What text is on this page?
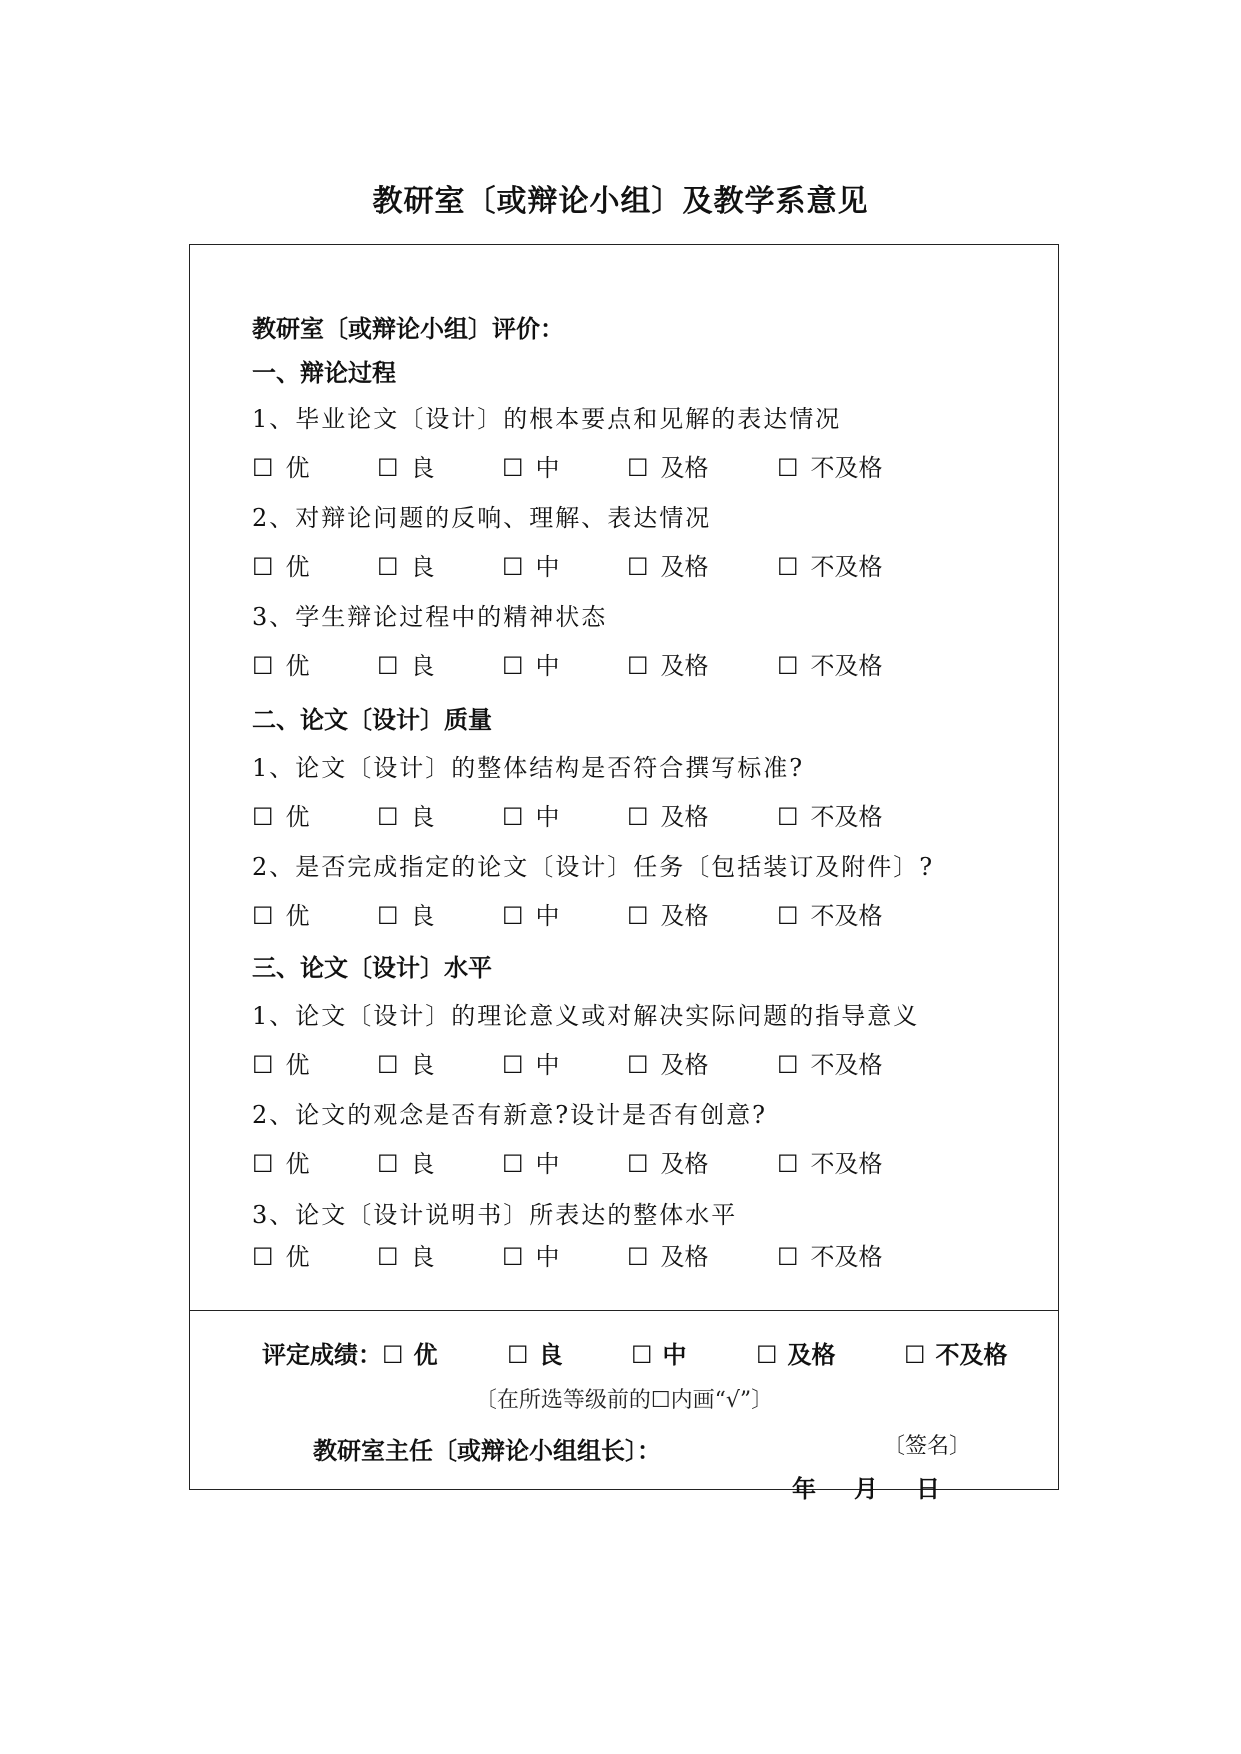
教研室〔或辩论小组〕及教学系意见
教研室〔或辩论小组〕评价：
一、辩论过程
1、毕业论文〔设计〕的根本要点和见解的表达情况
☐ 优	☐ 良	☐ 中	☐ 及格	☐ 不及格
2、对辩论问题的反响、理解、表达情况
☐ 优	☐ 良	☐ 中	☐ 及格	☐ 不及格
3、学生辩论过程中的精神状态
☐ 优	☐ 良	☐ 中	☐ 及格	☐ 不及格
二、论文〔设计〕质量
1、论文〔设计〕的整体结构是否符合撰写标准?
☐ 优	☐ 良	☐ 中	☐ 及格	☐ 不及格
2、是否完成指定的论文〔设计〕任务〔包括装订及附件〕?
☐ 优	☐ 良	☐ 中	☐ 及格	☐ 不及格
三、论文〔设计〕水平
1、论文〔设计〕的理论意义或对解决实际问题的指导意义
☐ 优	☐ 良	☐ 中	☐ 及格	☐ 不及格
2、论文的观念是否有新意?设计是否有创意?
☐ 优	☐ 良	☐ 中	☐ 及格	☐ 不及格
3、论文〔设计说明书〕所表达的整体水平
☐ 优	☐ 良	☐ 中	☐ 及格	☐ 不及格
评定成绩： ☐ 优	☐ 良	☐ 中	☐ 及格	☐ 不及格
〔在所选等级前的☐内画“√”〕
教研室主任〔或辩论小组组长〕：	〔签名〕
年 月 日
